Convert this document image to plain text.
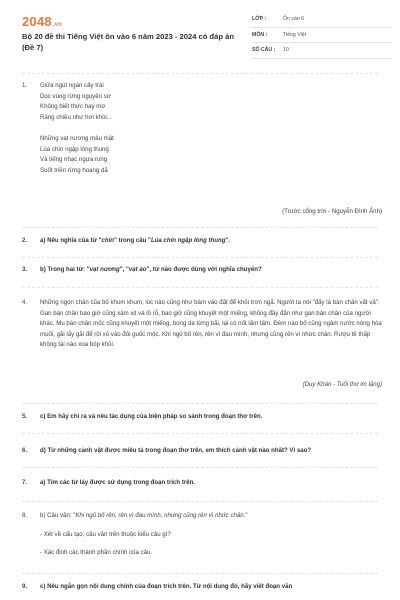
2048.vn
Bộ 20 đề thi Tiếng Việt ôn vào 6 năm 2023 - 2024 có đáp án (Đề 7)
LỚP :	Ôn vào 6
MÔN :	Tiếng Việt
SỐ CÂU : 10
1. Giữa ngút ngàn cây trái
Dọc vùng rừng nguyên sơ
Không biết thực hay mơ
Ràng chiều như hơi khói...
Những vạt nương màu mật
Lúa chín ngập lòng thung
Và tiếng nhạc ngựa rung
Suốt triền rừng hoang dã
(Trước cổng trời - Nguyễn Đình Ảnh)
2. a) Nêu nghĩa của từ "chín" trong câu "Lúa chín ngập lòng thung".
3. b) Trong hai từ: "vạt nương", "vạt áo", từ nào được dùng với nghĩa chuyển?
4. Những ngón chân của bố khum khum, lúc nào cũng như bám vào đất để khỏi trơn ngã. Người ta nói "đấy là bàn chân vất vả". Gan bàn chân bao giờ cũng xám xịt và lồ rỗ, bao giờ cũng khuyết một miếng, không đầy đặn như gan bàn chân của người khác. Mu bàn chân mốc cũng khuyết một miếng, bong da từng bãi, lại có nốt lấm tấm. Đêm nào bố cũng ngâm nước nóng hòa muối, gãi lấy gãi để rồi xỏ vào đôi guốc mộc. Khi ngủ bố rên, rên vì đau mình, nhưng cũng rên vì nhức chân. Rượu tê thấp không tài nào xoa bóp khỏi.
(Duy Khán - Tuổi thơ im lặng)
5. c) Em hãy chỉ ra và nêu tác dụng của biện pháp so sánh trong đoạn thơ trên.
6. d) Từ những cảnh vật được miêu tả trong đoạn thơ trên, em thích cảnh vật nào nhất? Vì sao?
7. a) Tìm các từ láy được sử dụng trong đoạn trích trên.
8. b) Câu văn: "Khi ngủ bố rên, rên vì đau mình, nhưng cũng rên vì nhức chân."
- Xét về cấu tạo, câu văn trên thuộc kiểu câu gì?
- Xác định các thành phần chính của câu.
9. c) Nêu ngắn gọn nội dung chính của đoạn trích trên. Từ nội dung đó, hãy viết đoạn văn
